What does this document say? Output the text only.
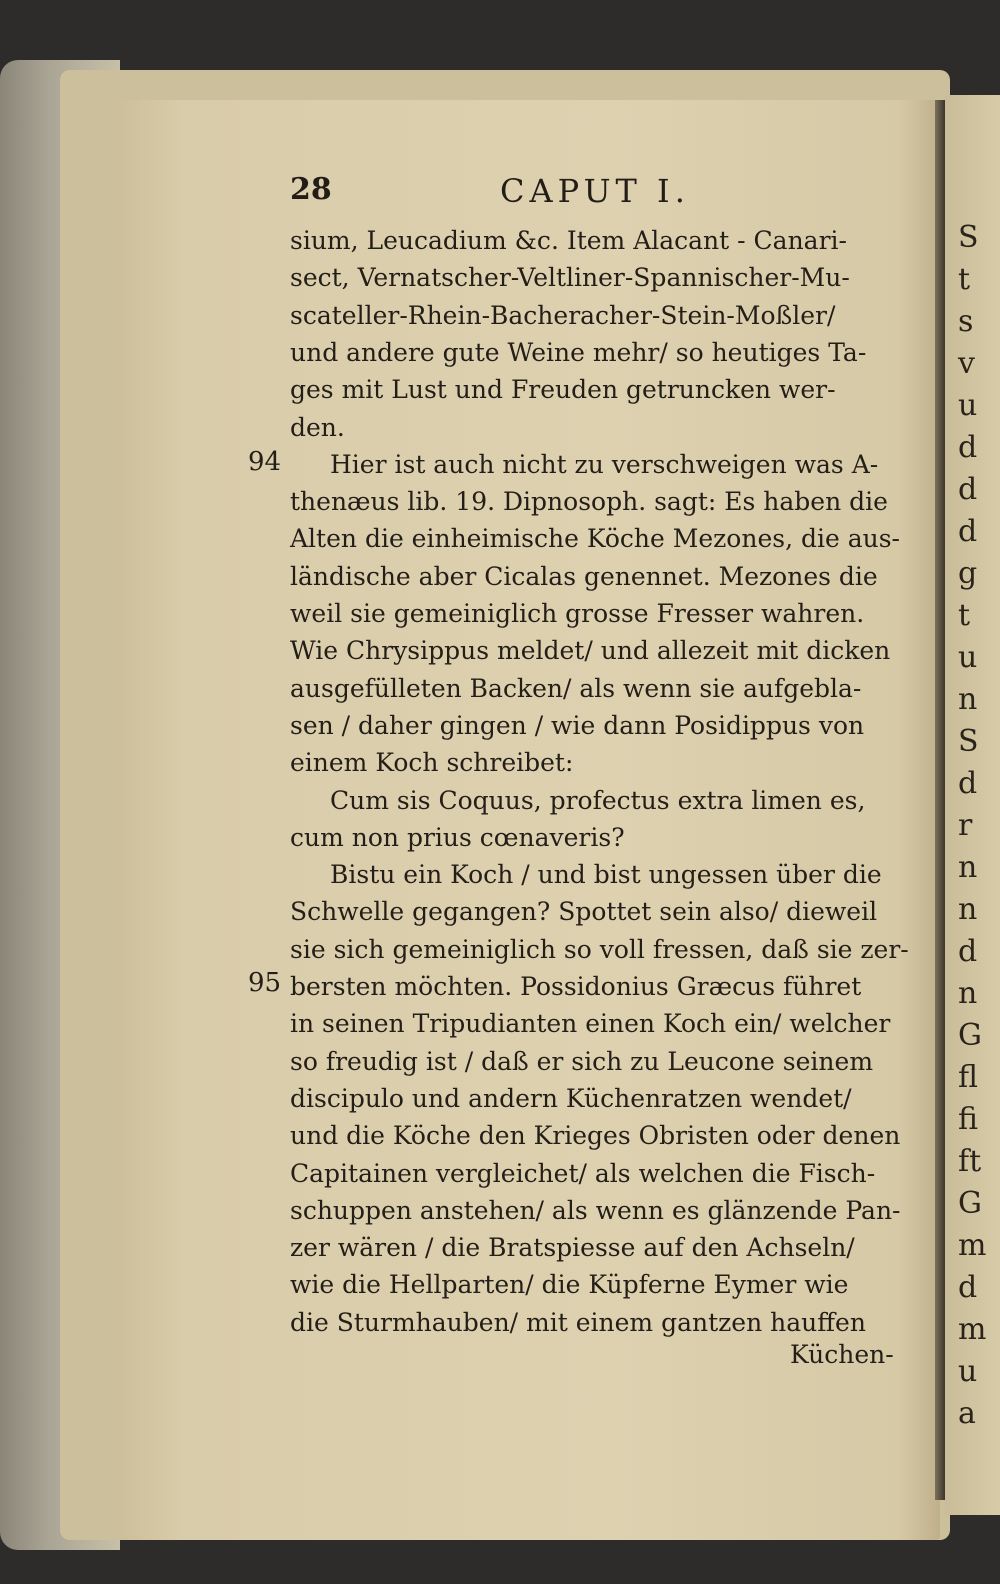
28	CAPUT I.
sium, Leucadium &c. Item Alacant - Canari-
sect, Vernatscher-Veltliner-Spannischer-Mu-
scateller-Rhein-Bacheracher-Stein-Moßler/
und andere gute Weine mehr/ so heutiges Ta-
ges mit Lust und Freuden getruncken wer-
den.
Hier ist auch nicht zu verschweigen was A-
thenæus lib. 19. Dipnosoph. sagt: Es haben die
Alten die einheimische Köche Mezones, die aus-
ländische aber Cicalas genennet. Mezones die
weil sie gemeiniglich grosse Fresser wahren.
Wie Chrysippus meldet/ und allezeit mit dicken
ausgefülleten Backen/ als wenn sie aufgebla-
sen / daher gingen / wie dann Posidippus von
einem Koch schreibet:
Cum sis Coquus, profectus extra limen es,
cum non prius cœnaveris?
Bistu ein Koch / und bist ungessen über die
Schwelle gegangen? Spottet sein also/ dieweil
sie sich gemeiniglich so voll fressen, daß sie zer-
bersten möchten. Possidonius Græcus führet
in seinen Tripudianten einen Koch ein/ welcher
so freudig ist / daß er sich zu Leucone seinem
discipulo und andern Küchenratzen wendet/
und die Köche den Krieges Obristen oder denen
Capitainen vergleichet/ als welchen die Fisch-
schuppen anstehen/ als wenn es glänzende Pan-
zer wären / die Bratspiesse auf den Achseln/
wie die Hellparten/ die Küpferne Eymer wie
die Sturmhauben/ mit einem gantzen hauffen
94
95
Küchen-
S
t
s
v
u
d
d
d
g
t
u
n
S
d
r
n
n
d
n
G
fl
fi
ft
G
m
d
m
u
a
